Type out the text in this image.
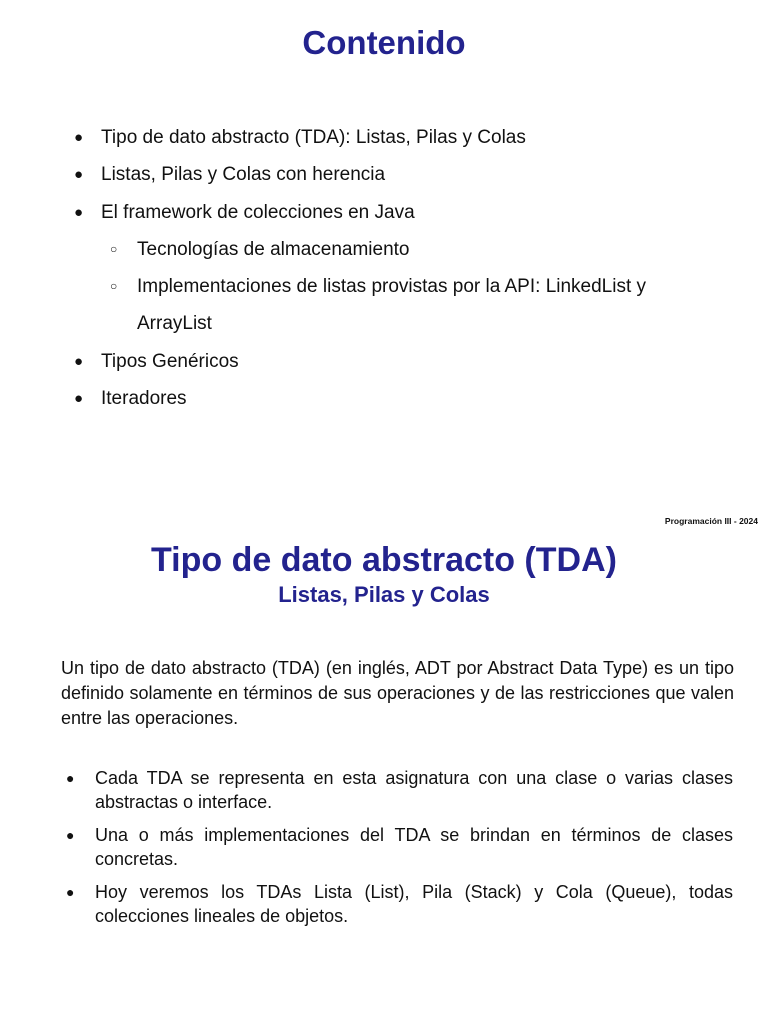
Contenido
● Tipo de dato abstracto (TDA): Listas, Pilas y Colas
● Listas, Pilas y Colas con herencia
● El framework de colecciones en Java
○ Tecnologías de almacenamiento
○ Implementaciones de listas provistas por la API: LinkedList y ArrayList
● Tipos Genéricos
● Iteradores
Programación III - 2024
Tipo de dato abstracto (TDA)
Listas, Pilas y Colas

Un tipo de dato abstracto (TDA) (en inglés, ADT por Abstract Data Type) es un tipo definido solamente en términos de sus operaciones y de las restricciones que valen entre las operaciones.

● Cada TDA se representa en esta asignatura con una clase o varias clases abstractas o interface.
● Una o más implementaciones del TDA se brindan en términos de clases concretas.
● Hoy veremos los TDAs Lista (List), Pila (Stack) y Cola (Queue), todas colecciones lineales de objetos.
